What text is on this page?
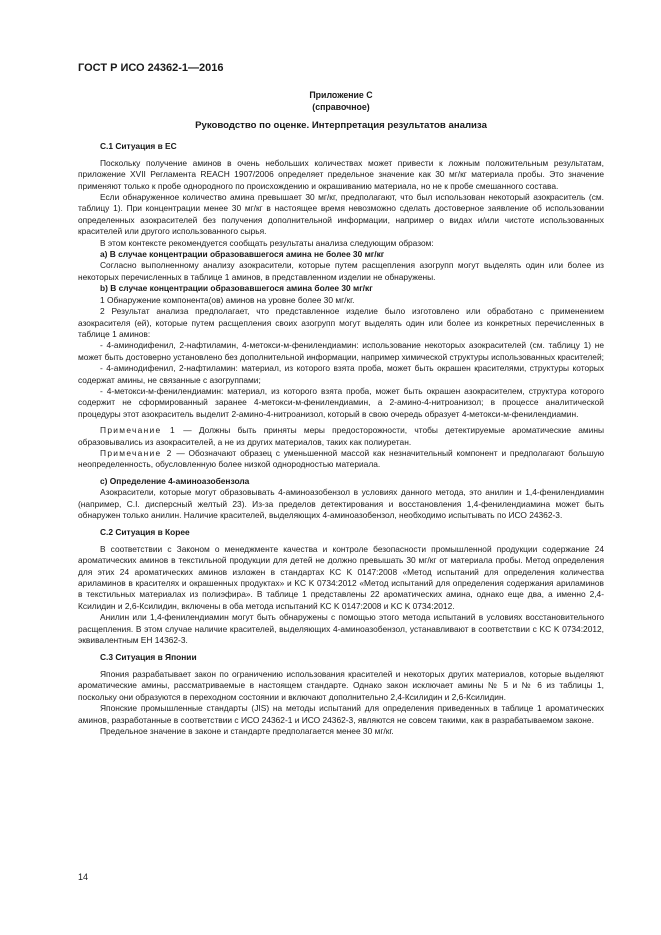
ГОСТ Р ИСО 24362-1—2016

Приложение С

(справочное)

Руководство по оценке. Интерпретация результатов анализа

С.1 Ситуация в ЕС

Поскольку получение аминов в очень небольших количествах может привести к ложным положительным результатам, приложение XVII Регламента REACH 1907/2006 определяет предельное значение как 30 мг/кг материала пробы. Это значение применяют только к пробе однородного по происхождению и окрашиванию материала, но не к пробе смешанного состава.

Если обнаруженное количество амина превышает 30 мг/кг, предполагают, что был использован некоторый азокраситель (см. таблицу 1). При концентрации менее 30 мг/кг в настоящее время невозможно сделать достоверное заявление об использовании определенных азокрасителей без получения дополнительной информации, например о видах и/или чистоте использованных красителей или другого использованного сырья.

В этом контексте рекомендуется сообщать результаты анализа следующим образом:

а) В случае концентрации образовавшегося амина не более 30 мг/кг

Согласно выполненному анализу азокрасители, которые путем расщепления азогрупп могут выделять один или более из некоторых перечисленных в таблице 1 аминов, в представленном изделии не обнаружены.

b) В случае концентрации образовавшегося амина более 30 мг/кг

1 Обнаружение компонента(ов) аминов на уровне более 30 мг/кг.

2 Результат анализа предполагает, что представленное изделие было изготовлено или обработано с применением азокрасителя (ей), которые путем расщепления своих азогрупп могут выделять один или более из конкретных перечисленных в таблице 1 аминов:

- 4-аминодифенил, 2-нафтиламин, 4-метокси-м-фенилендиамин: использование некоторых азокрасителей (см. таблицу 1) не может быть достоверно установлено без дополнительной информации, например химической структуры использованных красителей;

- 4-аминодифенил, 2-нафтиламин: материал, из которого взята проба, может быть окрашен красителями, структуры которых содержат амины, не связанные с азогруппами;

- 4-метокси-м-фенилендиамин: материал, из которого взята проба, может быть окрашен азокрасителем, структура которого содержит не сформированный заранее 4-метокси-м-фенилендиамин, а 2-амино-4-нитроанизол; в процессе аналитической процедуры этот азокраситель выделит 2-амино-4-нитроанизол, который в свою очередь образует 4-метокси-м-фенилендиамин.

Примечание 1 — Должны быть приняты меры предосторожности, чтобы детектируемые ароматические амины образовывались из азокрасителей, а не из других материалов, таких как полиуретан.

Примечание 2 — Обозначают образец с уменьшенной массой как незначительный компонент и предполагают большую неопределенность, обусловленную более низкой однородностью материала.

с) Определение 4-аминоазобензола

Азокрасители, которые могут образовывать 4-аминоазобензол в условиях данного метода, это анилин и 1,4-фенилендиамин (например, C.I. дисперсный желтый 23). Из-за пределов детектирования и восстановления 1,4-фенилендиамина может быть обнаружен только анилин. Наличие красителей, выделяющих 4-аминоазобензол, необходимо испытывать по ИСО 24362-3.

С.2 Ситуация в Корее

В соответствии с Законом о менеджменте качества и контроле безопасности промышленной продукции содержание 24 ароматических аминов в текстильной продукции для детей не должно превышать 30 мг/кг от материала пробы. Метод определения для этих 24 ароматических аминов изложен в стандартах KC K 0147:2008 «Метод испытаний для определения количества ариламинов в красителях и окрашенных продуктах» и KC K 0734:2012 «Метод испытаний для определения содержания ариламинов в текстильных материалах из полиэфира». В таблице 1 представлены 22 ароматических амина, однако еще два, а именно 2,4-Ксилидин и 2,6-Ксилидин, включены в оба метода испытаний KC K 0147:2008 и KC K 0734:2012.

Анилин или 1,4-фенилендиамин могут быть обнаружены с помощью этого метода испытаний в условиях восстановительного расщепления. В этом случае наличие красителей, выделяющих 4-аминоазобензол, устанавливают в соответствии с KC K 0734:2012, эквивалентным ЕН 14362-3.

С.3 Ситуация в Японии

Япония разрабатывает закон по ограничению использования красителей и некоторых других материалов, которые выделяют ароматические амины, рассматриваемые в настоящем стандарте. Однако закон исключает амины № 5 и № 6 из таблицы 1, поскольку они образуются в переходном состоянии и включают дополнительно 2,4-Ксилидин и 2,6-Ксилидин.

Японские промышленные стандарты (JIS) на методы испытаний для определения приведенных в таблице 1 ароматических аминов, разработанные в соответствии с ИСО 24362-1 и ИСО 24362-3, являются не совсем такими, как в разрабатываемом законе.

Предельное значение в законе и стандарте предполагается менее 30 мг/кг.

14
